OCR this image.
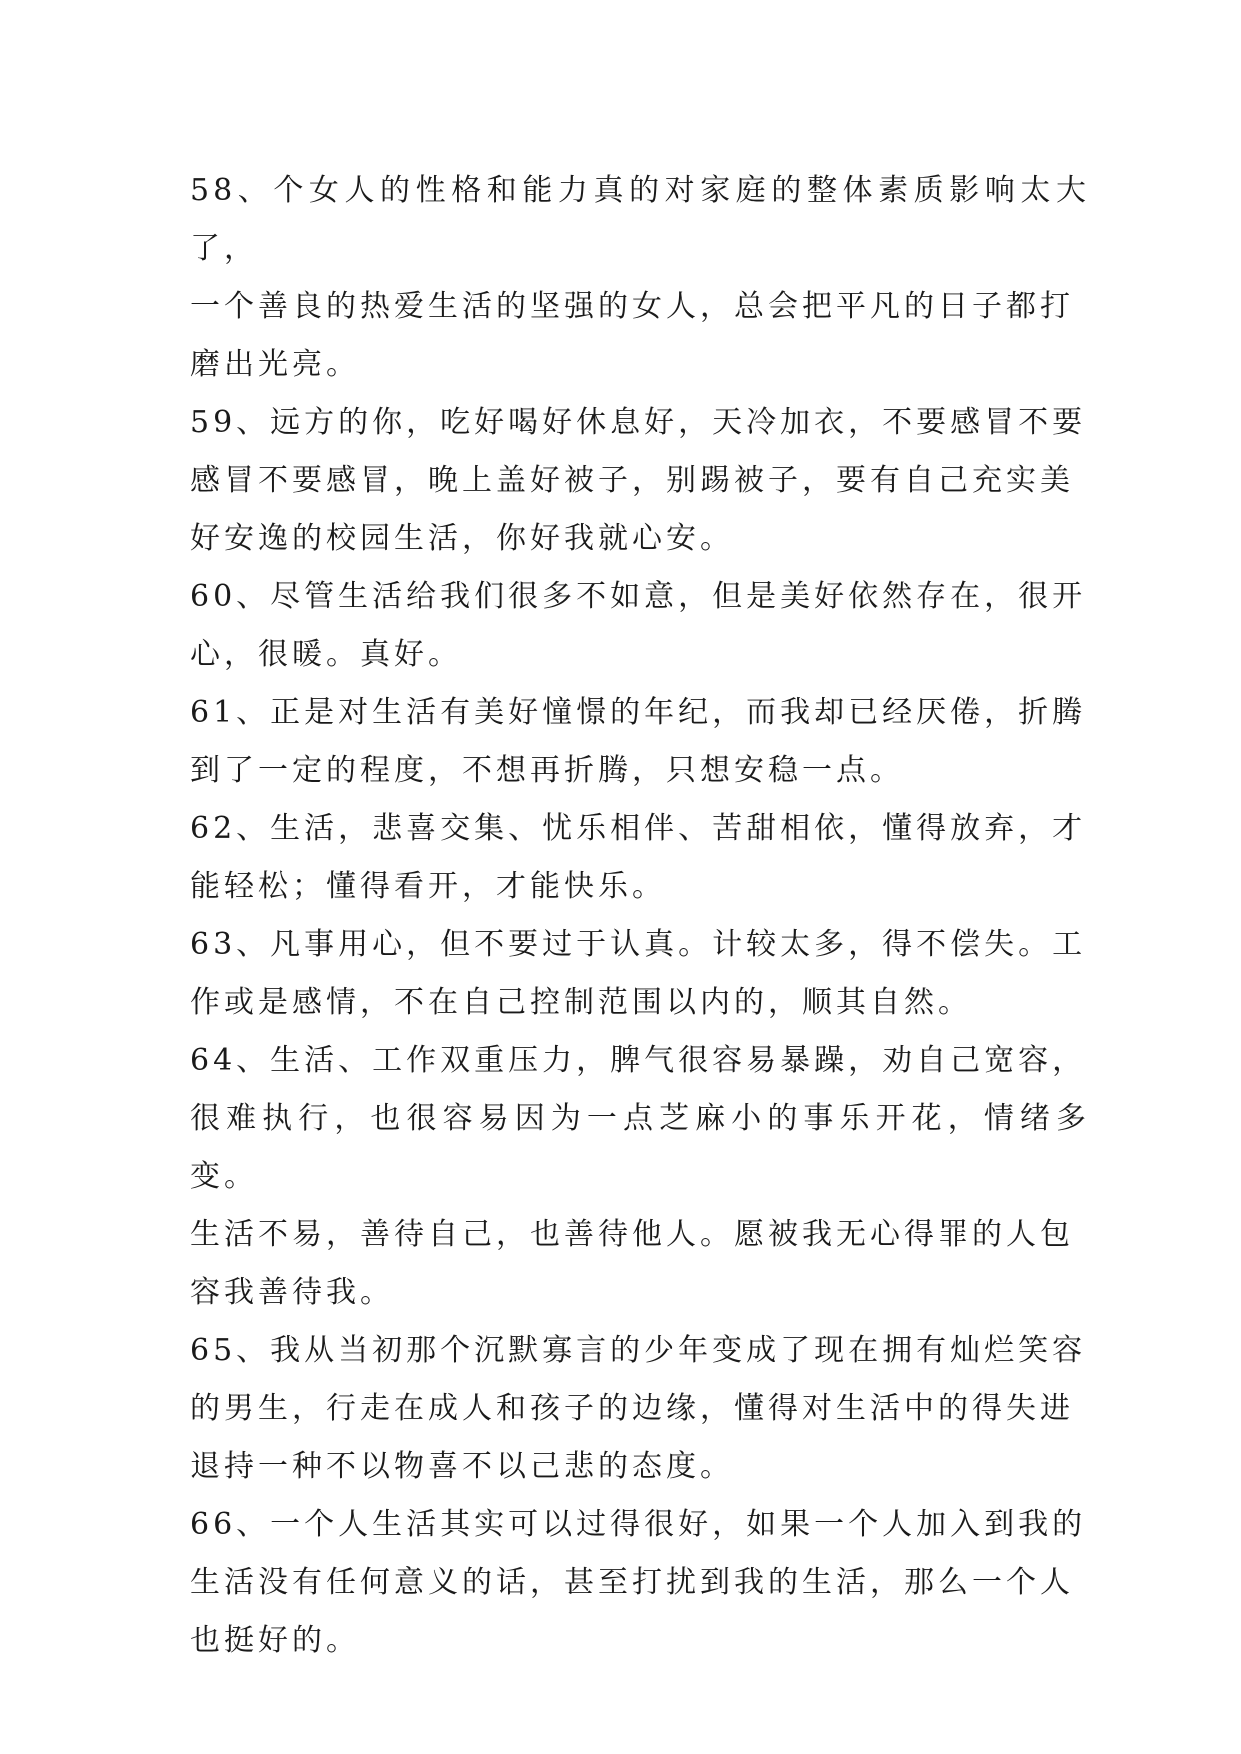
58、个女人的性格和能力真的对家庭的整体素质影响太大了，
一个善良的热爱生活的坚强的女人，总会把平凡的日子都打
磨出光亮。

59、远方的你，吃好喝好休息好，天冷加衣，不要感冒不要
感冒不要感冒，晚上盖好被子，别踢被子，要有自己充实美
好安逸的校园生活，你好我就心安。

60、尽管生活给我们很多不如意，但是美好依然存在，很开
心，很暖。真好。

61、正是对生活有美好憧憬的年纪，而我却已经厌倦，折腾
到了一定的程度，不想再折腾，只想安稳一点。

62、生活，悲喜交集、忧乐相伴、苦甜相依，懂得放弃，才
能轻松；懂得看开，才能快乐。

63、凡事用心，但不要过于认真。计较太多，得不偿失。工
作或是感情，不在自己控制范围以内的，顺其自然。

64、生活、工作双重压力，脾气很容易暴躁，劝自己宽容，
很难执行，也很容易因为一点芝麻小的事乐开花，情绪多变。
生活不易，善待自己，也善待他人。愿被我无心得罪的人包
容我善待我。

65、我从当初那个沉默寡言的少年变成了现在拥有灿烂笑容
的男生，行走在成人和孩子的边缘，懂得对生活中的得失进
退持一种不以物喜不以己悲的态度。

66、一个人生活其实可以过得很好，如果一个人加入到我的
生活没有任何意义的话，甚至打扰到我的生活，那么一个人
也挺好的。
